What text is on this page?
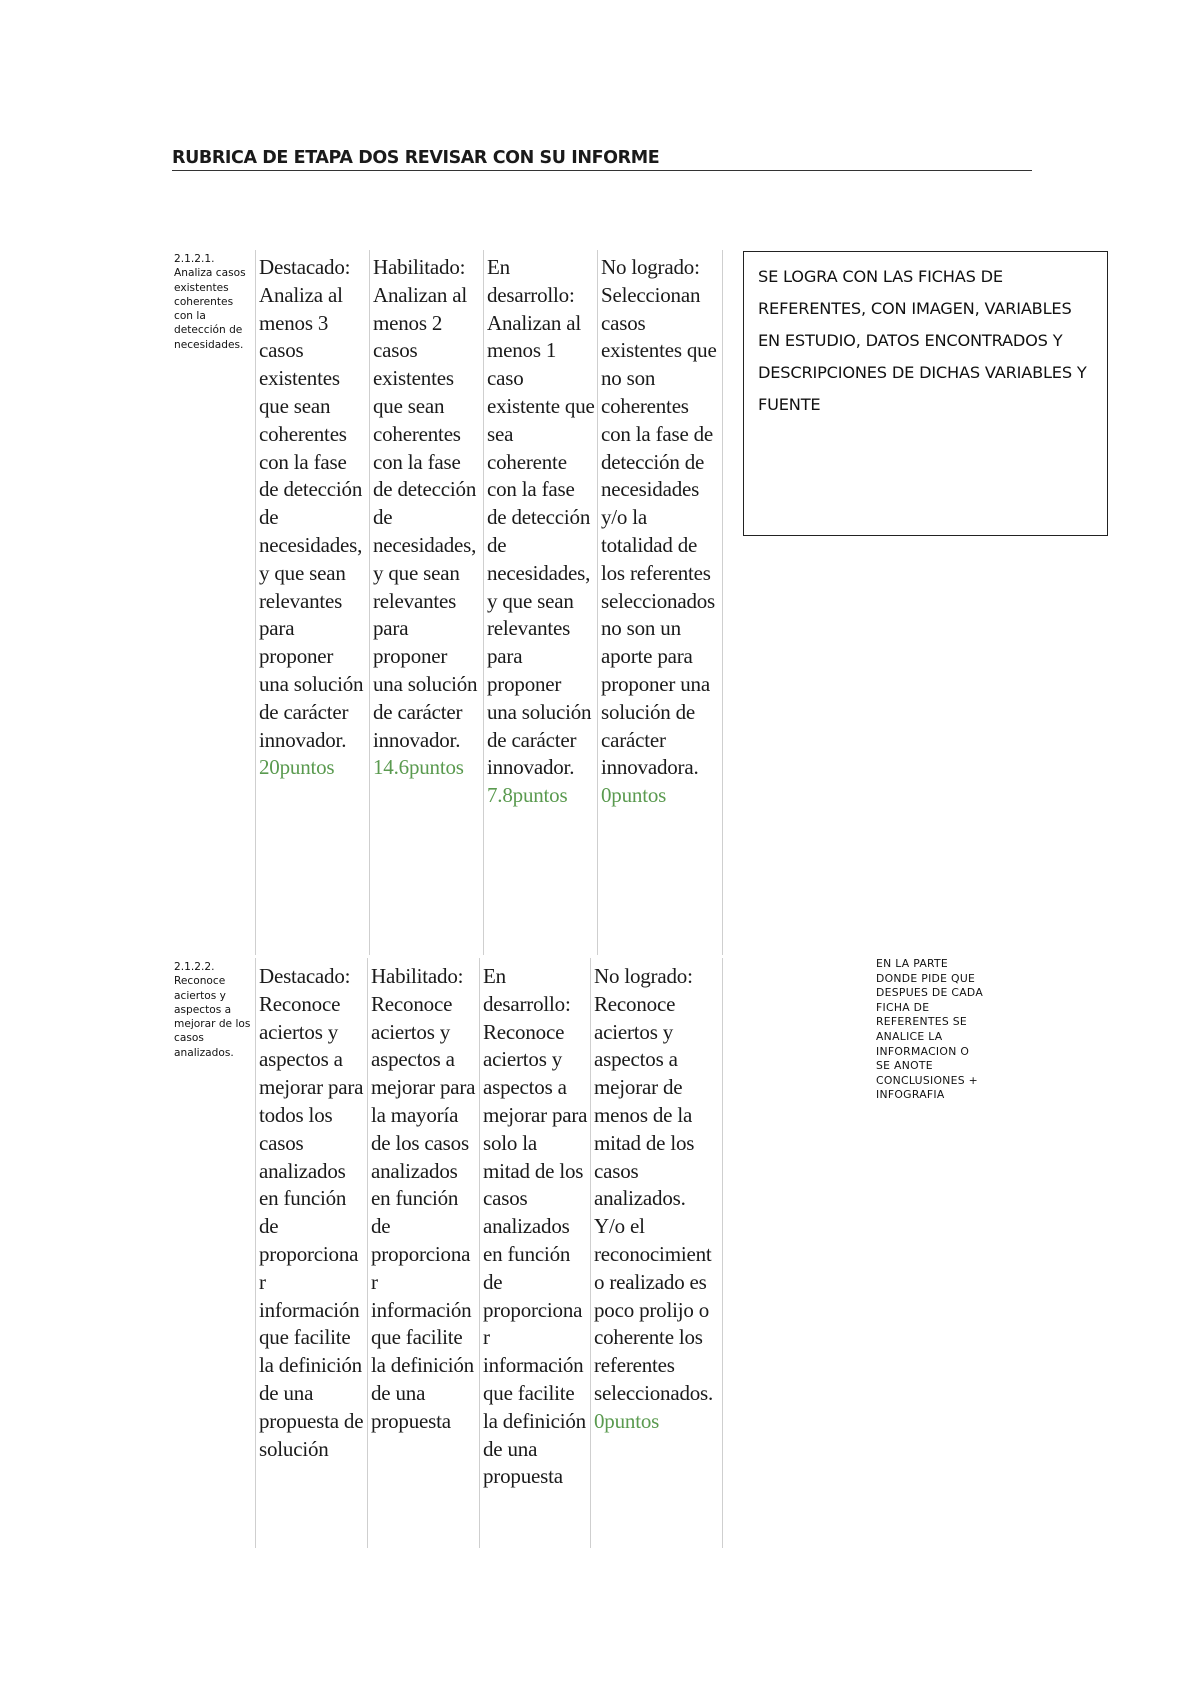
RUBRICA DE ETAPA DOS REVISAR CON SU INFORME
2.1.2.1. Analiza casos existentes coherentes con la detección de necesidades.
Destacado: Analiza al menos 3 casos existentes que sean coherentes con la fase de detección de necesidades, y que sean relevantes para proponer una solución de carácter innovador. 20puntos
Habilitado: Analizan al menos 2 casos existentes que sean coherentes con la fase de detección de necesidades, y que sean relevantes para proponer una solución de carácter innovador. 14.6puntos
En desarrollo: Analizan al menos 1 caso existente que sea coherente con la fase de detección de necesidades, y que sean relevantes para proponer una solución de carácter innovador. 7.8puntos
No logrado: Seleccionan casos existentes que no son coherentes con la fase de detección de necesidades y/o la totalidad de los referentes seleccionados no son un aporte para proponer una solución de carácter innovadora. 0puntos
SE LOGRA CON LAS FICHAS DE REFERENTES, CON IMAGEN, VARIABLES EN ESTUDIO, DATOS ENCONTRADOS Y DESCRIPCIONES DE DICHAS VARIABLES Y FUENTE
2.1.2.2. Reconoce aciertos y aspectos a mejorar de los casos analizados.
Destacado: Reconoce aciertos y aspectos a mejorar para todos los casos analizados en función de proporcionar información que facilite la definición de una propuesta de solución
Habilitado: Reconoce aciertos y aspectos a mejorar para la mayoría de los casos analizados en función de proporcionar información que facilite la definición de una propuesta
En desarrollo: Reconoce aciertos y aspectos a mejorar para solo la mitad de los casos analizados en función de proporcionar información que facilite la definición de una propuesta
No logrado: Reconoce aciertos y aspectos a mejorar de menos de la mitad de los casos analizados. Y/o el reconocimiento realizado es poco prolijo o coherente los referentes seleccionados. 0puntos
EN LA PARTE DONDE PIDE QUE DESPUES DE CADA FICHA DE REFERENTES SE ANALICE LA INFORMACION O SE ANOTE CONCLUSIONES + INFOGRAFIA
